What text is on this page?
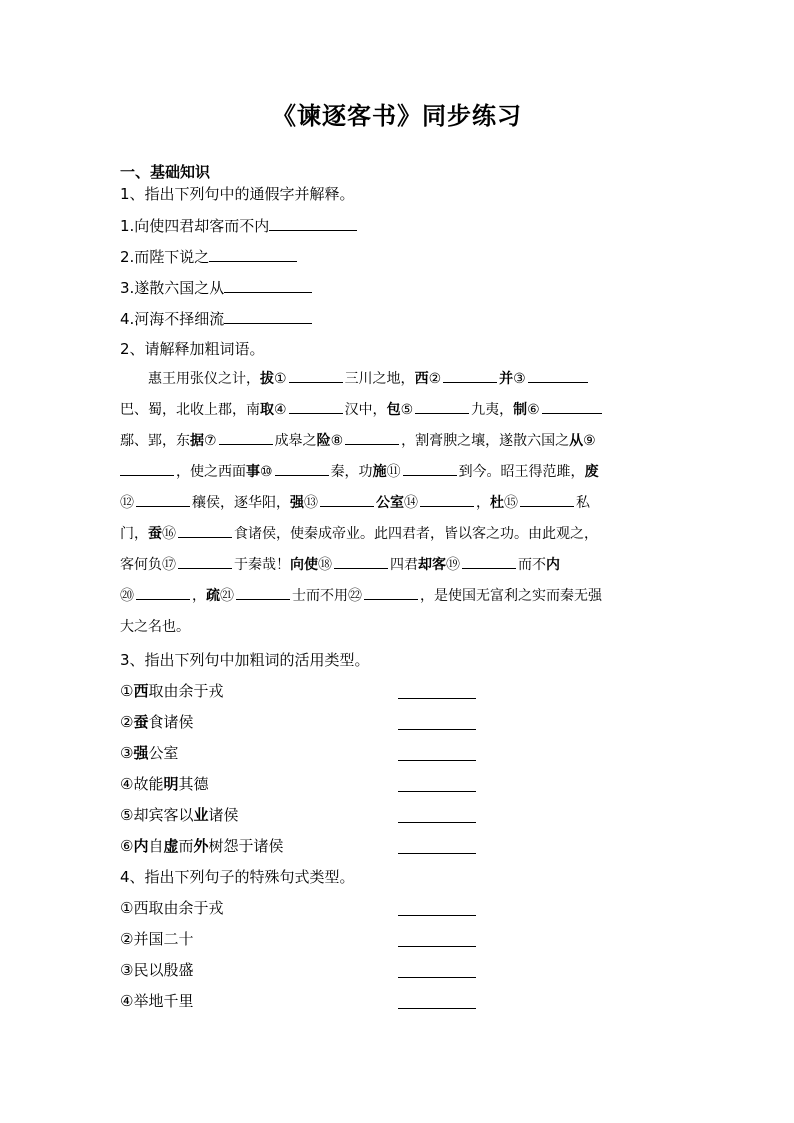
《谏逐客书》同步练习
一、基础知识
1、指出下列句中的通假字并解释。
1.向使四君却客而不内
2.而陛下说之
3.遂散六国之从
4.河海不择细流
2、请解释加粗词语。
惠王用张仪之计，拔①	三川之地，西②	并③
巴、蜀，北收上郡，南取④	汉中，包⑤	九夷，制⑥
鄢、郢，东据⑦	成皋之险⑧	，割膏腴之壤，遂散六国之从⑨
，使之西面事⑩	秦，功施⑪	到今。昭王得范雎，废
⑫	穰侯，逐华阳，强⑬	公室⑭	，杜⑮	私
门，蚕⑯	食诸侯，使秦成帝业。此四君者，皆以客之功。由此观之，
客何负⑰	于秦哉！向使⑱	四君却客⑲	而不内
⑳	，疏㉑	士而不用㉒	，是使国无富利之实而秦无强
大之名也。
3、指出下列句中加粗词的活用类型。
①西取由余于戎
②蚕食诸侯
③强公室
④故能明其德
⑤却宾客以业诸侯
⑥内自虚而外树怨于诸侯
4、指出下列句子的特殊句式类型。
①西取由余于戎
②并国二十
③民以殷盛
④举地千里
